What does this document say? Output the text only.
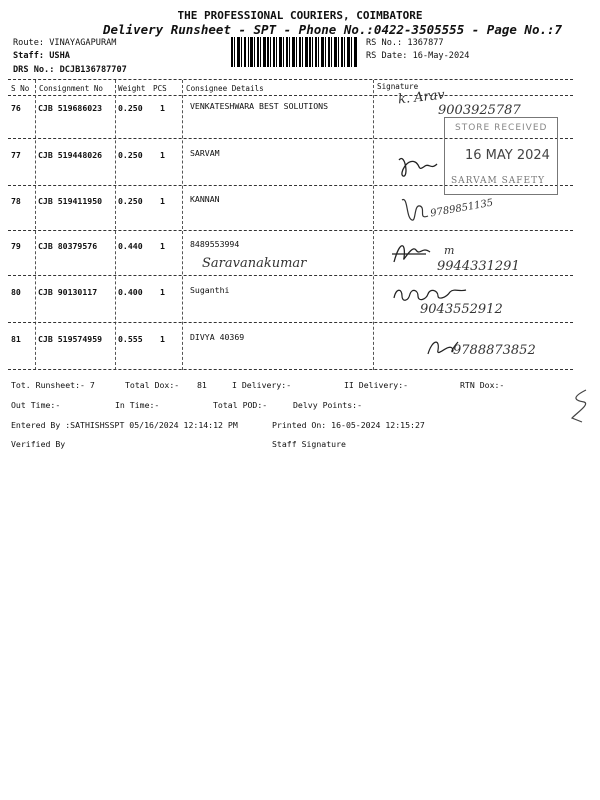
THE PROFESSIONAL COURIERS, COIMBATORE
Delivery Runsheet - SPT - Phone No.:0422-3505555 - Page No.:7
Route: VINAYAGAPURAM
Staff: USHA
DRS No.: DCJB136787707
RS No.: 1367877
RS Date: 16-May-2024
S No Consignment No Weight PCS	Consignee Details	Signature
76 CJB 519686023 0.250 1	VENKATESHWARA BEST SOLUTIONS
77 CJB 519448026 0.250 1	SARVAM
78 CJB 519411950 0.250 1	KANNAN
79 CJB 80379576	0.440 1	8489553994
Saravanakumar
80 CJB 90130117	0.400 1	Suganthi
81 CJB 519574959 0.555 1	DIVYA 40369
k. Arav
9003925787
9789851135
m
9944331291
9043552912
9788873852
STORE RECEIVED
16 MAY 2024
SARVAM SAFETY
Tot. Runsheet:- 7	Total Dox:- 81	I Delivery:-	II Delivery:-	RTN Dox:-
Out Time:-	In Time:-	Total POD:-	Delvy Points:-
Entered By :SATHISHSSPT 05/16/2024 12:14:12 PM	Printed On: 16-05-2024 12:15:27
Verified By	Staff Signature
